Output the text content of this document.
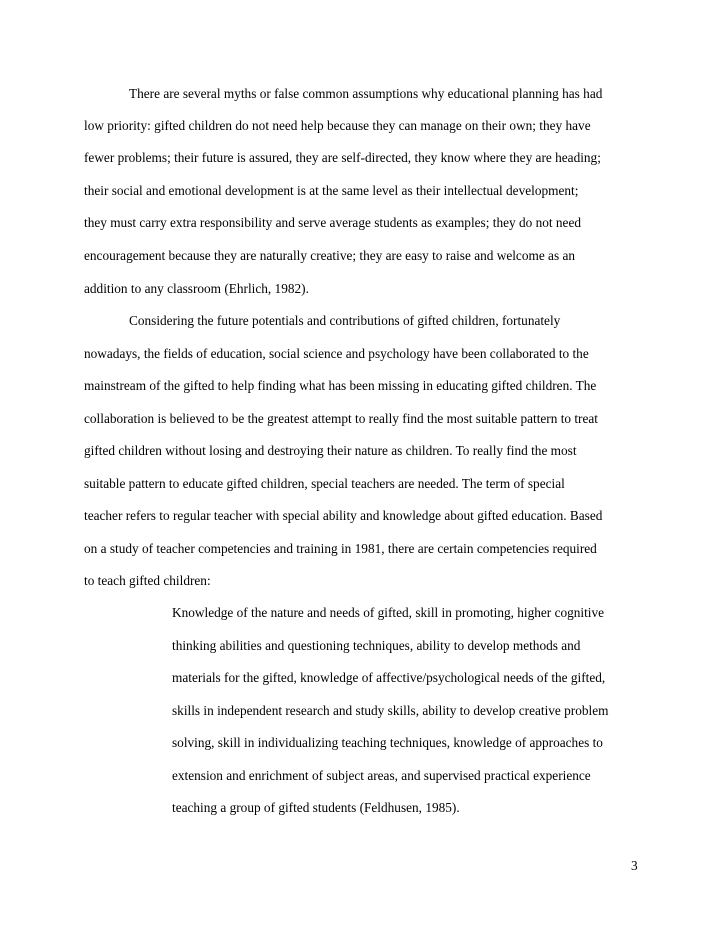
There are several myths or false common assumptions why educational planning has had

low priority: gifted children do not need help because they can manage on their own; they have

fewer problems; their future is assured, they are self-directed, they know where they are heading;

their social and emotional development is at the same level as their intellectual development;

they must carry extra responsibility and serve average students as examples; they do not need

encouragement because they are naturally creative; they are easy to raise and welcome as an

addition to any classroom (Ehrlich, 1982).

Considering the future potentials and contributions of gifted children, fortunately

nowadays, the fields of education, social science and psychology have been collaborated to the

mainstream of the gifted to help finding what has been missing in educating gifted children. The

collaboration is believed to be the greatest attempt to really find the most suitable pattern to treat

gifted children without losing and destroying their nature as children. To really find the most

suitable pattern to educate gifted children, special teachers are needed. The term of special

teacher refers to regular teacher with special ability and knowledge about gifted education. Based

on a study of teacher competencies and training in 1981, there are certain competencies required

to teach gifted children:

Knowledge of the nature and needs of gifted, skill in promoting, higher cognitive

thinking abilities and questioning techniques, ability to develop methods and

materials for the gifted, knowledge of affective/psychological needs of the gifted,

skills in independent research and study skills, ability to develop creative problem

solving, skill in individualizing teaching techniques, knowledge of approaches to

extension and enrichment of subject areas, and supervised practical experience

teaching a group of gifted students (Feldhusen, 1985).

3
